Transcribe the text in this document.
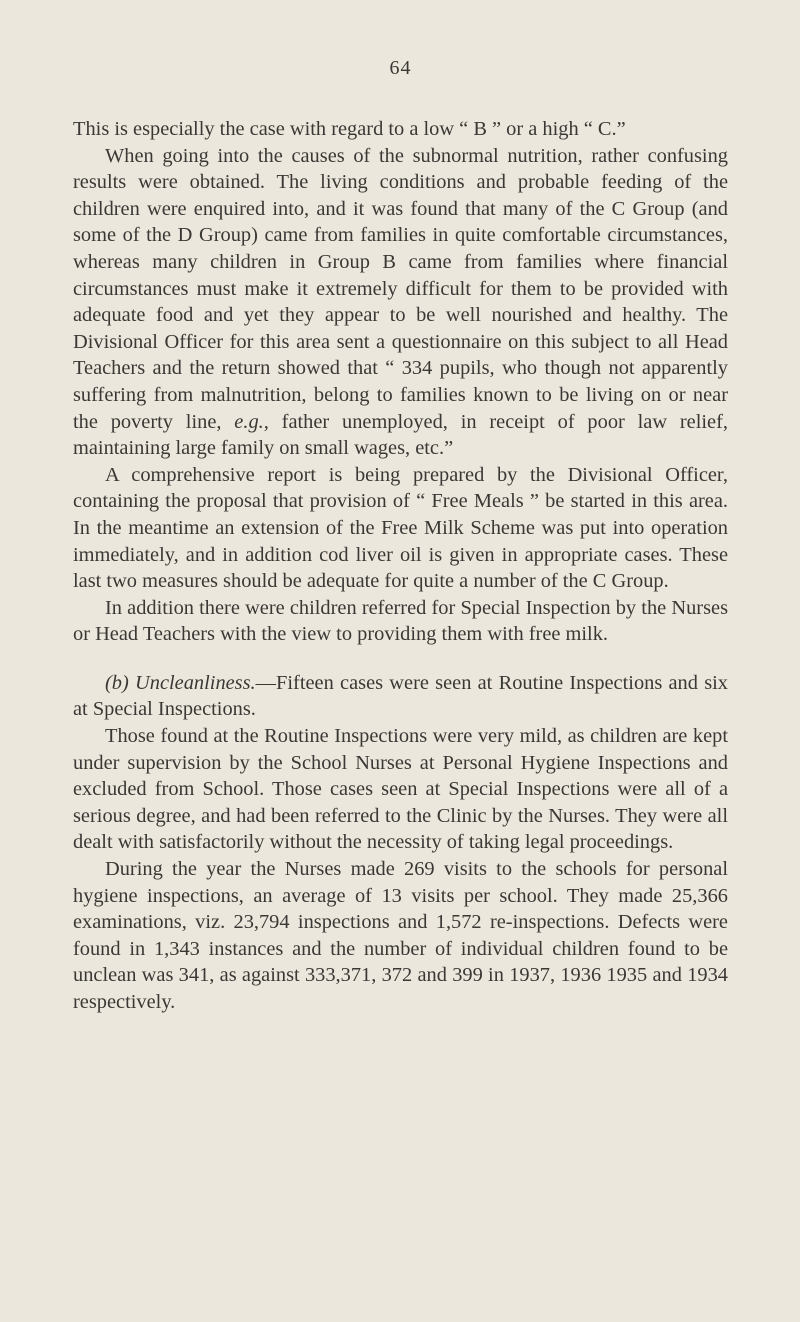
64

This is especially the case with regard to a low “ B ” or a high “ C.”

When going into the causes of the subnormal nutrition, rather confusing results were obtained. The living conditions and probable feeding of the children were enquired into, and it was found that many of the C Group (and some of the D Group) came from families in quite comfortable circumstances, whereas many children in Group B came from families where financial circumstances must make it extremely difficult for them to be provided with adequate food and yet they appear to be well nourished and healthy. The Divisional Officer for this area sent a questionnaire on this subject to all Head Teachers and the return showed that “ 334 pupils, who though not apparently suffering from malnutrition, belong to families known to be living on or near the poverty line, e.g., father unemployed, in receipt of poor law relief, maintaining large family on small wages, etc.”

A comprehensive report is being prepared by the Divisional Officer, containing the proposal that provision of “ Free Meals ” be started in this area. In the meantime an extension of the Free Milk Scheme was put into operation immediately, and in addition cod liver oil is given in appropriate cases. These last two measures should be adequate for quite a number of the C Group.

In addition there were children referred for Special Inspection by the Nurses or Head Teachers with the view to providing them with free milk.

(b) Uncleanliness.—Fifteen cases were seen at Routine Inspections and six at Special Inspections.

Those found at the Routine Inspections were very mild, as children are kept under supervision by the School Nurses at Personal Hygiene Inspections and excluded from School. Those cases seen at Special Inspections were all of a serious degree, and had been referred to the Clinic by the Nurses. They were all dealt with satisfactorily without the necessity of taking legal proceedings.

During the year the Nurses made 269 visits to the schools for personal hygiene inspections, an average of 13 visits per school. They made 25,366 examinations, viz. 23,794 inspections and 1,572 re-inspections. Defects were found in 1,343 instances and the number of individual children found to be unclean was 341, as against 333,371, 372 and 399 in 1937, 1936 1935 and 1934 respectively.
